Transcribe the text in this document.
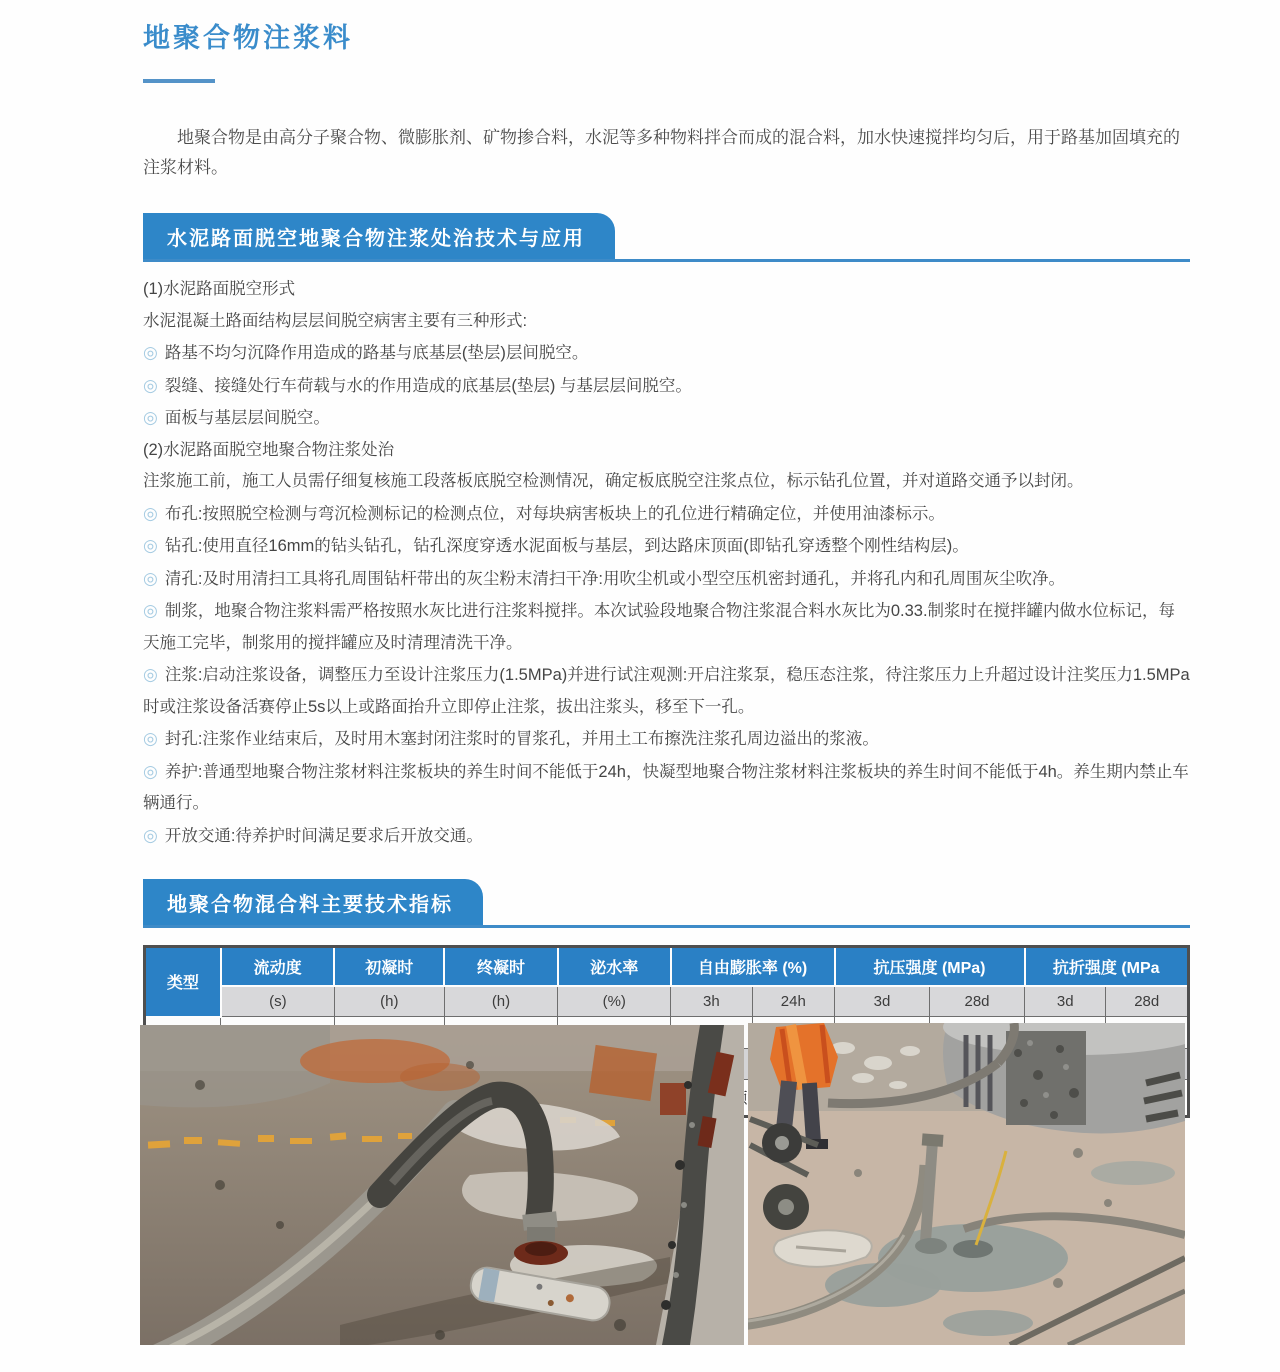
地聚合物注浆料

地聚合物是由高分子聚合物、微膨胀剂、矿物掺合料，水泥等多种物料拌合而成的混合料，加水快速搅拌均匀后，用于路基加固填充的注浆材料。

水泥路面脱空地聚合物注浆处治技术与应用
(1)水泥路面脱空形式
水泥混凝土路面结构层层间脱空病害主要有三种形式:
◎ 路基不均匀沉降作用造成的路基与底基层(垫层)层间脱空。
◎ 裂缝、接缝处行车荷载与水的作用造成的底基层(垫层) 与基层层间脱空。
◎ 面板与基层层间脱空。
(2)水泥路面脱空地聚合物注浆处治
注浆施工前，施工人员需仔细复核施工段落板底脱空检测情况，确定板底脱空注浆点位，标示钻孔位置，并对道路交通予以封闭。
◎ 布孔:按照脱空检测与弯沉检测标记的检测点位，对每块病害板块上的孔位进行精确定位，并使用油漆标示。
◎ 钻孔:使用直径16mm的钻头钻孔，钻孔深度穿透水泥面板与基层，到达路床顶面(即钻孔穿透整个刚性结构层)。
◎ 清孔:及时用清扫工具将孔周围钻杆带出的灰尘粉末清扫干净:用吹尘机或小型空压机密封通孔，并将孔内和孔周围灰尘吹净。
◎ 制浆，地聚合物注浆料需严格按照水灰比进行注浆料搅拌。本次试验段地聚合物注浆混合料水灰比为0.33.制浆时在搅拌罐内做水位标记，每天施工完毕，制浆用的搅拌罐应及时清理清洗干净。
◎ 注浆:启动注浆设备，调整压力至设计注浆压力(1.5MPa)并进行试注观测:开启注浆泵，稳压态注浆，待注浆压力上升超过设计注奖压力1.5MPa时或注浆设备活赛停止5s以上或路面抬升立即停止注浆，拔出注浆头，移至下一孔。
◎ 封孔:注浆作业结束后，及时用木塞封闭注浆时的冒浆孔，并用土工布擦洗注浆孔周边溢出的浆液。
◎ 养护:普通型地聚合物注浆材料注浆板块的养生时间不能低于24h，快凝型地聚合物注浆材料注浆板块的养生时间不能低于4h。养生期内禁止车辆通行。
◎ 开放交通:待养护时间满足要求后开放交通。
地聚合物混合料主要技术指标
类型	流动度	初凝时	终凝时	泌水率	自由膨胀率 (%)		抗压强度 (MPa)		抗折强度 (MPa	
	(s)	(h)	(h)	(%)	3h	24h	3d	28d	3d	28d
